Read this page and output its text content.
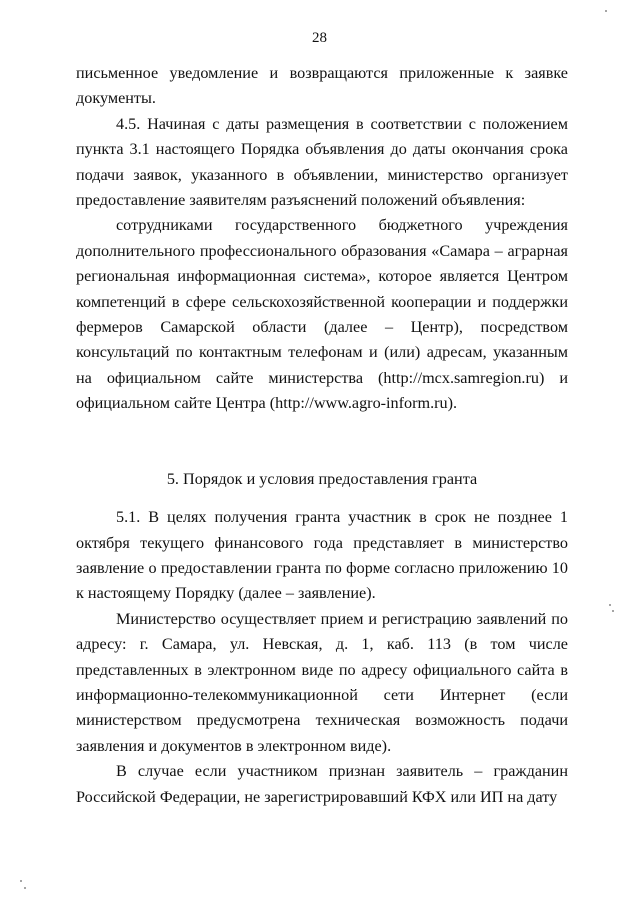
28

письменное уведомление и возвращаются приложенные к заявке документы.

4.5. Начиная с даты размещения в соответствии с положением пункта 3.1 настоящего Порядка объявления до даты окончания срока подачи заявок, указанного в объявлении, министерство организует предоставление заявителям разъяснений положений объявления:

сотрудниками государственного бюджетного учреждения дополнительного профессионального образования «Самара – аграрная региональная информационная система», которое является Центром компетенций в сфере сельскохозяйственной кооперации и поддержки фермеров Самарской области (далее – Центр), посредством консультаций по контактным телефонам и (или) адресам, указанным на официальном сайте министерства (http://mcx.samregion.ru) и официальном сайте Центра (http://www.agro-inform.ru).

5. Порядок и условия предоставления гранта

5.1. В целях получения гранта участник в срок не позднее 1 октября текущего финансового года представляет в министерство заявление о предоставлении гранта по форме согласно приложению 10 к настоящему Порядку (далее – заявление).

Министерство осуществляет прием и регистрацию заявлений по адресу: г. Самара, ул. Невская, д. 1, каб. 113 (в том числе представленных в электронном виде по адресу официального сайта в информационно-телекоммуникационной сети Интернет (если министерством предусмотрена техническая возможность подачи заявления и документов в электронном виде).

В случае если участником признан заявитель – гражданин Российской Федерации, не зарегистрировавший КФХ или ИП на дату
